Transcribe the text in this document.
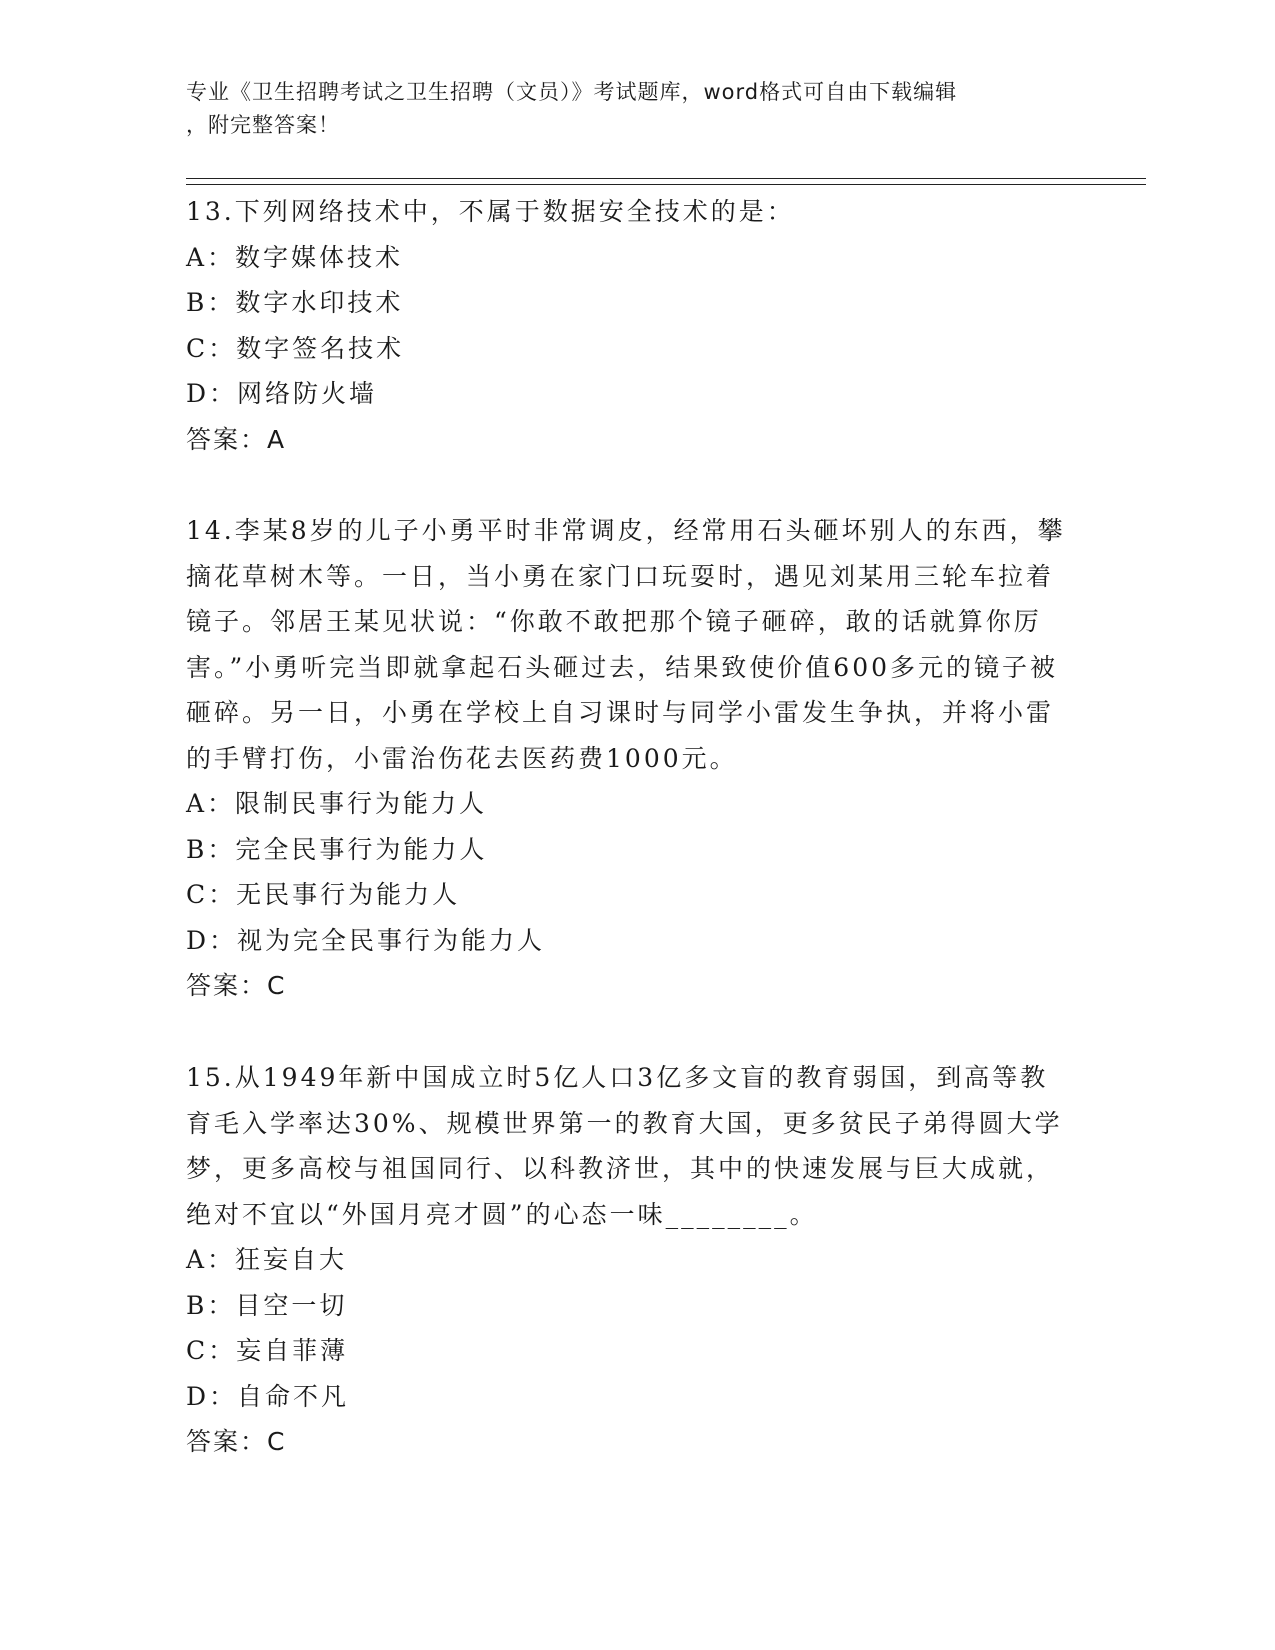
专业《卫生招聘考试之卫生招聘（文员）》考试题库，word格式可自由下载编辑
，附完整答案！
13.下列网络技术中，不属于数据安全技术的是：
A：数字媒体技术
B：数字水印技术
C：数字签名技术
D：网络防火墙
答案：A
14.李某8岁的儿子小勇平时非常调皮，经常用石头砸坏别人的东西，攀摘花草树木等。一日，当小勇在家门口玩耍时，遇见刘某用三轮车拉着镜子。邻居王某见状说：“你敢不敢把那个镜子砸碎，敢的话就算你厉害。”小勇听完当即就拿起石头砸过去，结果致使价值600多元的镜子被砸碎。另一日，小勇在学校上自习课时与同学小雷发生争执，并将小雷的手臂打伤，小雷治伤花去医药费1000元。
A：限制民事行为能力人
B：完全民事行为能力人
C：无民事行为能力人
D：视为完全民事行为能力人
答案：C
15.从1949年新中国成立时5亿人口3亿多文盲的教育弱国，到高等教育毛入学率达30%、规模世界第一的教育大国，更多贫民子弟得圆大学梦，更多高校与祖国同行、以科教济世，其中的快速发展与巨大成就，绝对不宜以“外国月亮才圆”的心态一味________。
A：狂妄自大
B：目空一切
C：妄自菲薄
D：自命不凡
答案：C
